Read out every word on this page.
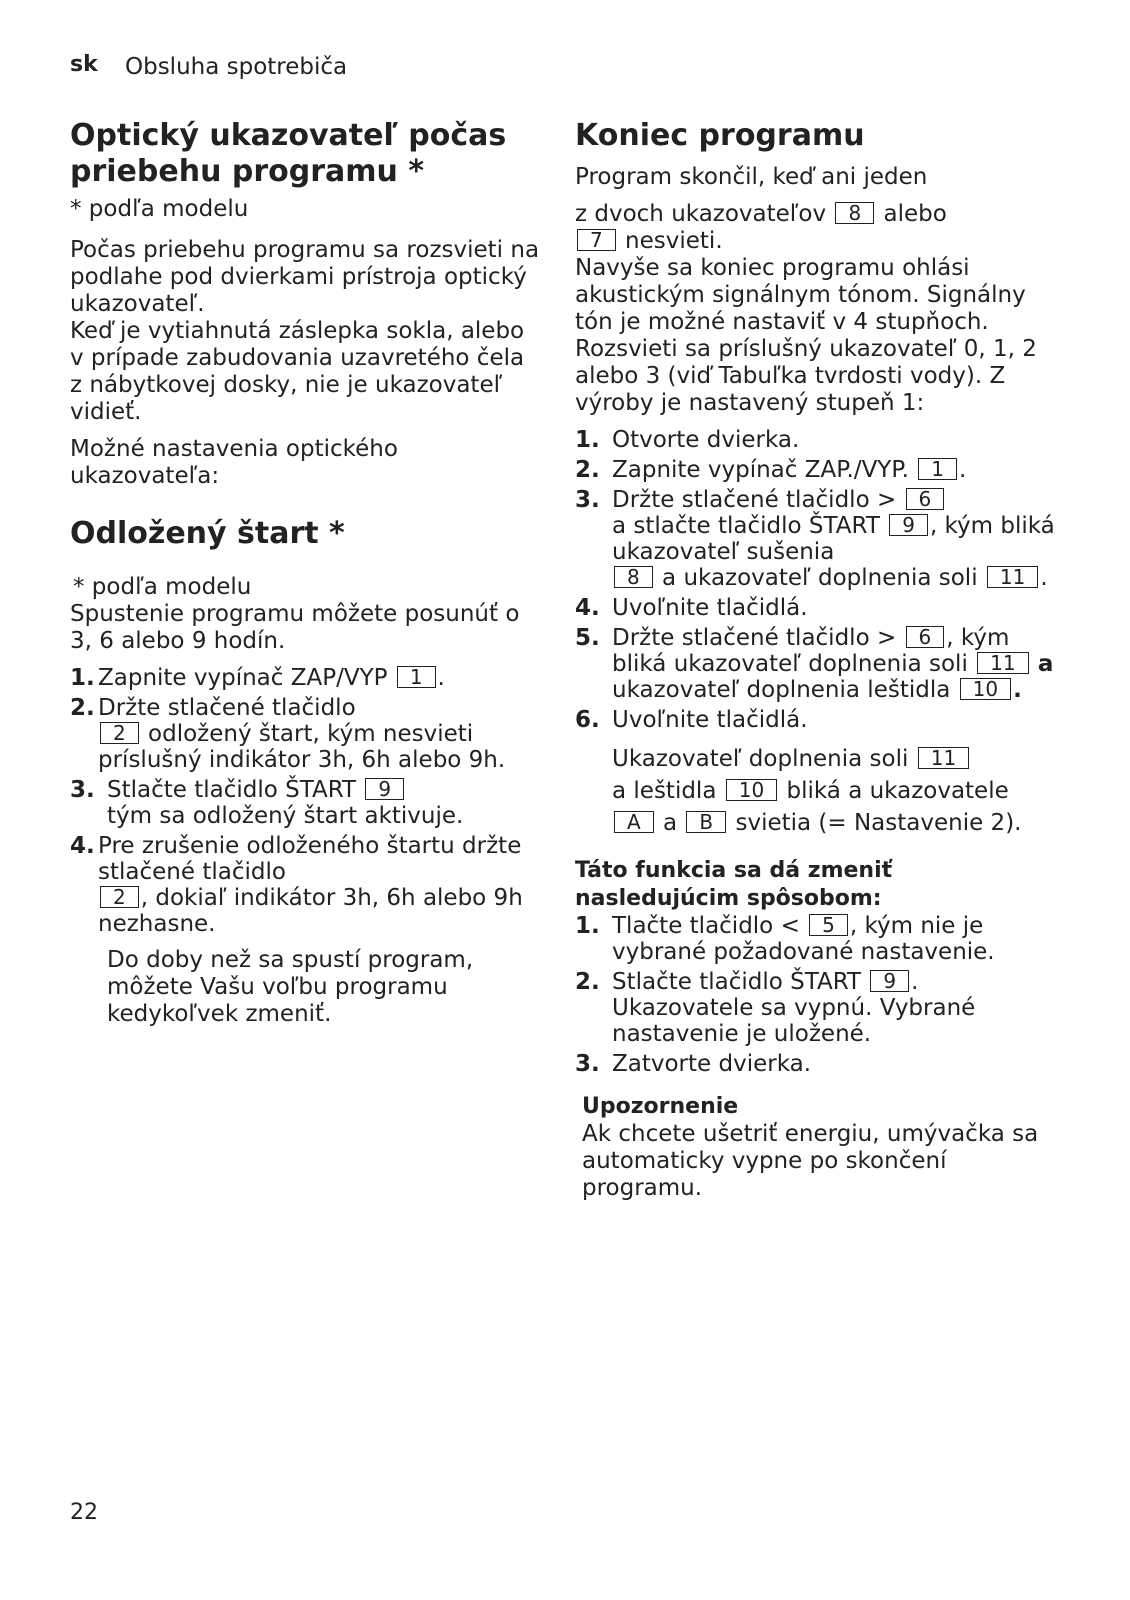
sk Obsluha spotrebiča
Optický ukazovateľ počas priebehu programu *

* podľa modelu

Počas priebehu programu sa rozsvieti na podlahe pod dvierkami prístroja optický ukazovateľ.

Keď je vytiahnutá záslepka sokla, alebo v prípade zabudovania uzavretého čela z nábytkovej dosky, nie je ukazovateľ vidieť.

Možné nastavenia optického ukazovateľa:

Odložený štart *

* podľa modelu

Spustenie programu môžete posunúť o 3, 6 alebo 9 hodín.

1. Zapnite vypínač ZAP/VYP 1 .
2. Držte stlačené tlačidlo
2 odložený štart, kým nesvieti príslušný indikátor 3h, 6h alebo 9h.
3. Stlačte tlačidlo ŠTART 9
tým sa odložený štart aktivuje.
4. Pre zrušenie odloženého štartu držte stlačené tlačidlo
2 , dokiaľ indikátor 3h, 6h alebo 9h nezhasne.

Do doby než sa spustí program, môžete Vašu voľbu programu kedykoľvek zmeniť.

Koniec programu

Program skončil, keď ani jeden

z dvoch ukazovateľov 8 alebo
7 nesvieti.

Navyše sa koniec programu ohlási akustickým signálnym tónom. Signálny tón je možné nastaviť v 4 stupňoch. Rozsvieti sa príslušný ukazovateľ 0, 1, 2 alebo 3 (viď Tabuľka tvrdosti vody). Z výroby je nastavený stupeň 1:

1. Otvorte dvierka.
2. Zapnite vypínač ZAP./VYP. 1 .
3. Držte stlačené tlačidlo > 6
a stlačte tlačidlo ŠTART 9 , kým bliká ukazovateľ sušenia
8 a ukazovateľ doplnenia soli 11 .
4. Uvoľnite tlačidlá.
5. Držte stlačené tlačidlo > 6 , kým bliká ukazovateľ doplnenia soli 11 a ukazovateľ doplnenia leštidla 10 .
6. Uvoľnite tlačidlá.

Ukazovateľ doplnenia soli 11
a leštidla 10 bliká a ukazovatele
A a B svietia (= Nastavenie 2).

Táto funkcia sa dá zmeniť nasledujúcim spôsobom:

1. Tlačte tlačidlo < 5 , kým nie je vybrané požadované nastavenie.
2. Stlačte tlačidlo ŠTART 9 . Ukazovatele sa vypnú. Vybrané nastavenie je uložené.
3. Zatvorte dvierka.
Upozornenie

Ak chcete ušetriť energiu, umývačka sa automaticky vypne po skončení programu.

22
